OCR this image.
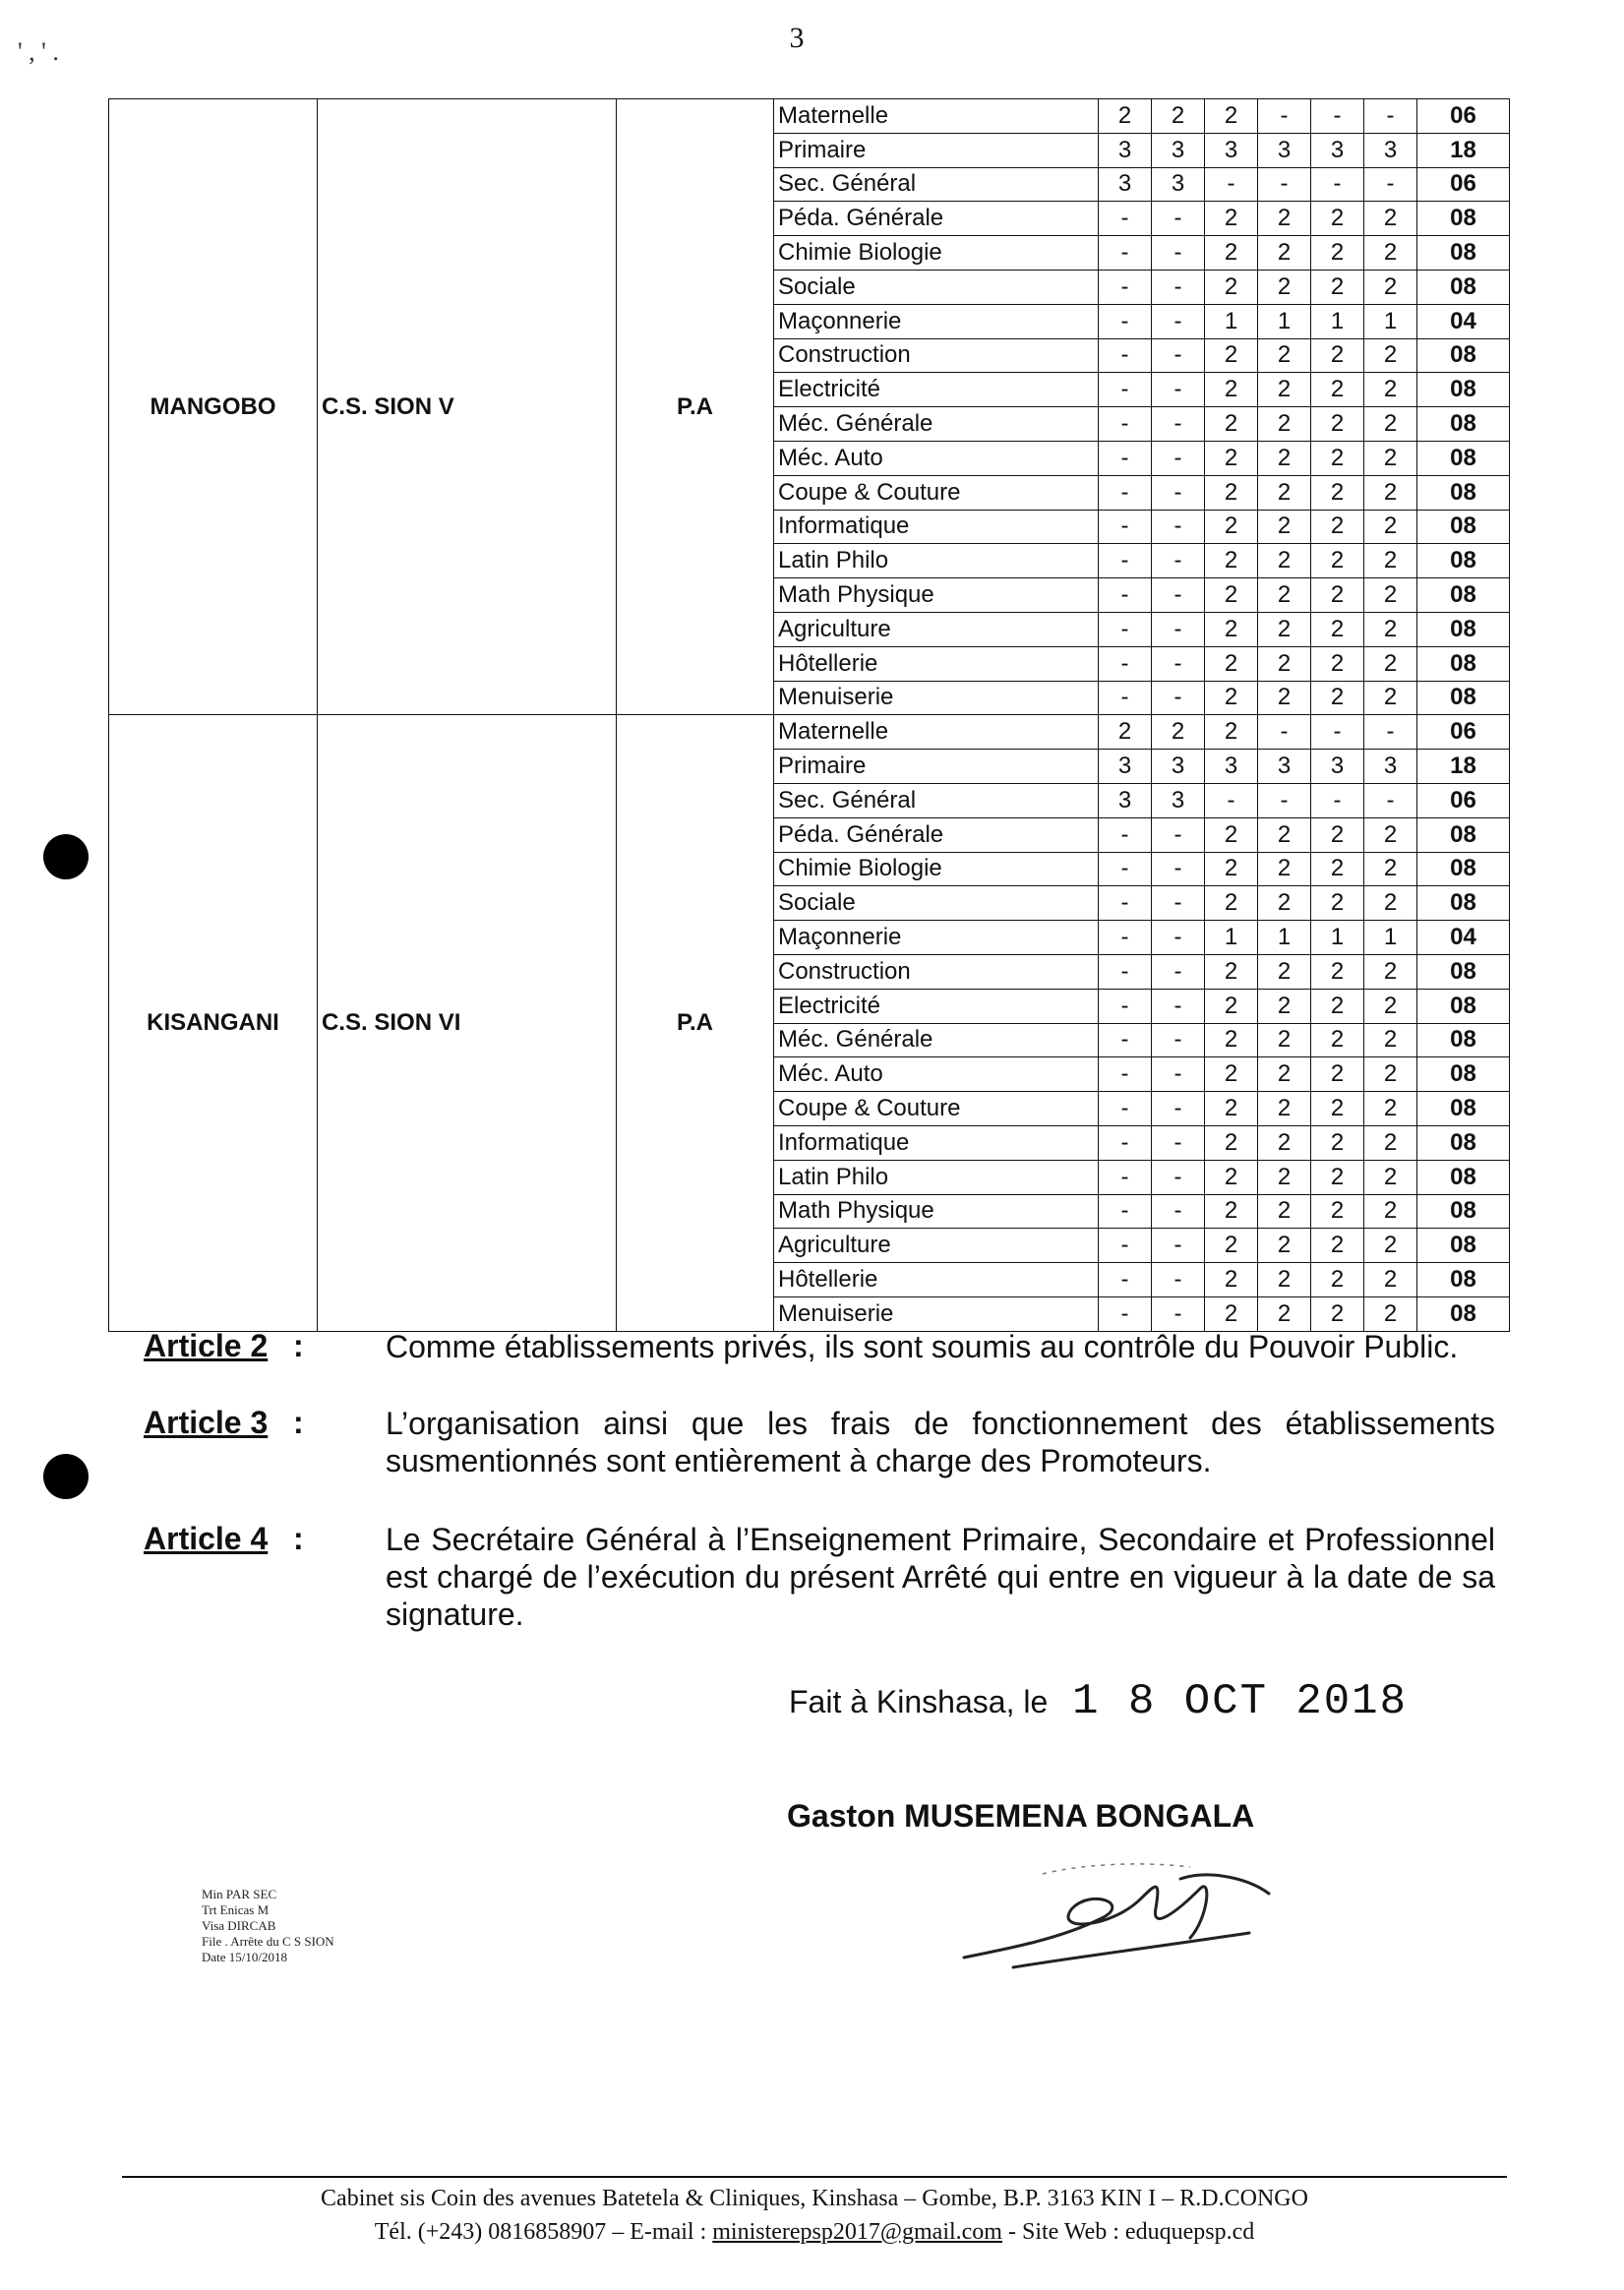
3
' , ' .
MANGOBO	C.S. SION V	P.A	Maternelle	2	2	2	-	-	-	06
			Primaire	3	3	3	3	3	3	18
			Sec. Général	3	3	-	-	-	-	06
			Péda. Générale	-	-	2	2	2	2	08
			Chimie Biologie	-	-	2	2	2	2	08
			Sociale	-	-	2	2	2	2	08
			Maçonnerie	-	-	1	1	1	1	04
			Construction	-	-	2	2	2	2	08
			Electricité	-	-	2	2	2	2	08
			Méc. Générale	-	-	2	2	2	2	08
			Méc. Auto	-	-	2	2	2	2	08
			Coupe & Couture	-	-	2	2	2	2	08
			Informatique	-	-	2	2	2	2	08
			Latin Philo	-	-	2	2	2	2	08
			Math Physique	-	-	2	2	2	2	08
			Agriculture	-	-	2	2	2	2	08
			Hôtellerie	-	-	2	2	2	2	08
			Menuiserie	-	-	2	2	2	2	08
KISANGANI	C.S. SION VI	P.A	Maternelle	2	2	2	-	-	-	06
			Primaire	3	3	3	3	3	3	18
			Sec. Général	3	3	-	-	-	-	06
			Péda. Générale	-	-	2	2	2	2	08
			Chimie Biologie	-	-	2	2	2	2	08
			Sociale	-	-	2	2	2	2	08
			Maçonnerie	-	-	1	1	1	1	04
			Construction	-	-	2	2	2	2	08
			Electricité	-	-	2	2	2	2	08
			Méc. Générale	-	-	2	2	2	2	08
			Méc. Auto	-	-	2	2	2	2	08
			Coupe & Couture	-	-	2	2	2	2	08
			Informatique	-	-	2	2	2	2	08
			Latin Philo	-	-	2	2	2	2	08
			Math Physique	-	-	2	2	2	2	08
			Agriculture	-	-	2	2	2	2	08
			Hôtellerie	-	-	2	2	2	2	08
			Menuiserie	-	-	2	2	2	2	08
Article 2 :	Comme établissements privés, ils sont soumis au contrôle du Pouvoir Public.
Article 3 :	L’organisation ainsi que les frais de fonctionnement des établissements susmentionnés sont entièrement à charge des Promoteurs.
Article 4 :	Le Secrétaire Général à l’Enseignement Primaire, Secondaire et Professionnel est chargé de l’exécution du présent Arrêté qui entre en vigueur à la date de sa signature.
Fait à Kinshasa, le 1 8 OCT 2018
Gaston MUSEMENA BONGALA
Min PAR SEC
Trt Enicas M
Visa DIRCAB
File . Arrête du C S SION
Date 15/10/2018
Cabinet sis Coin des avenues Batetela & Cliniques, Kinshasa – Gombe, B.P. 3163 KIN I – R.D.CONGO
Tél. (+243) 0816858907 – E-mail : ministerepsp2017@gmail.com - Site Web : eduquepsp.cd
